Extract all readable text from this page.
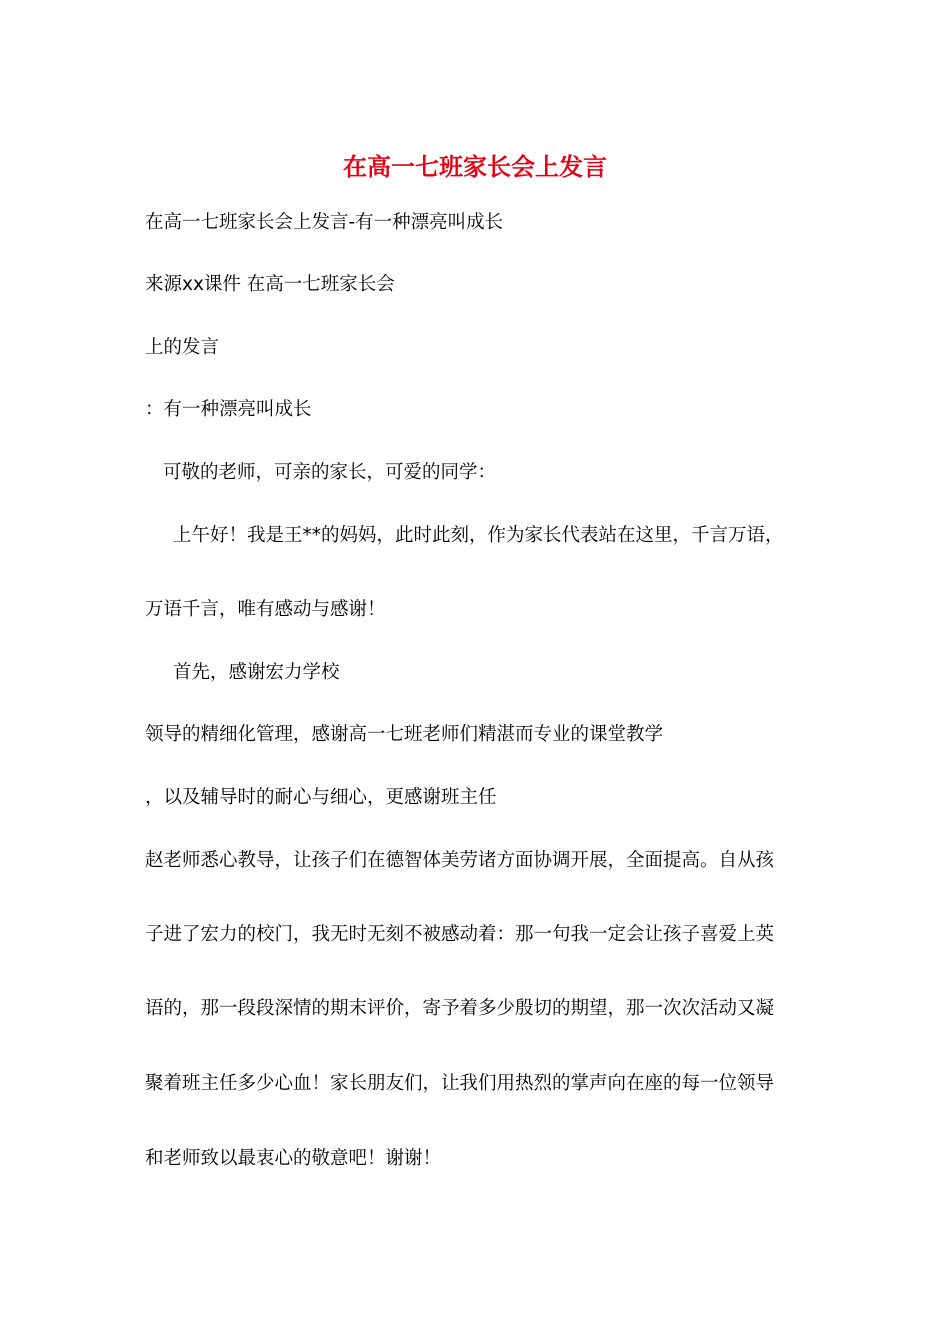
在高一七班家长会上发言
在高一七班家长会上发言-有一种漂亮叫成长
来源xx课件 在高一七班家长会
上的发言
：有一种漂亮叫成长
可敬的老师，可亲的家长，可爱的同学：
上午好！我是王**的妈妈，此时此刻，作为家长代表站在这里，千言万语，
万语千言，唯有感动与感谢！
首先，感谢宏力学校
领导的精细化管理，感谢高一七班老师们精湛而专业的课堂教学
，以及辅导时的耐心与细心，更感谢班主任
赵老师悉心教导，让孩子们在德智体美劳诸方面协调开展，全面提高。自从孩
子进了宏力的校门，我无时无刻不被感动着：那一句我一定会让孩子喜爱上英
语的，那一段段深情的期末评价，寄予着多少殷切的期望，那一次次活动又凝
聚着班主任多少心血！家长朋友们，让我们用热烈的掌声向在座的每一位领导
和老师致以最衷心的敬意吧！谢谢！
